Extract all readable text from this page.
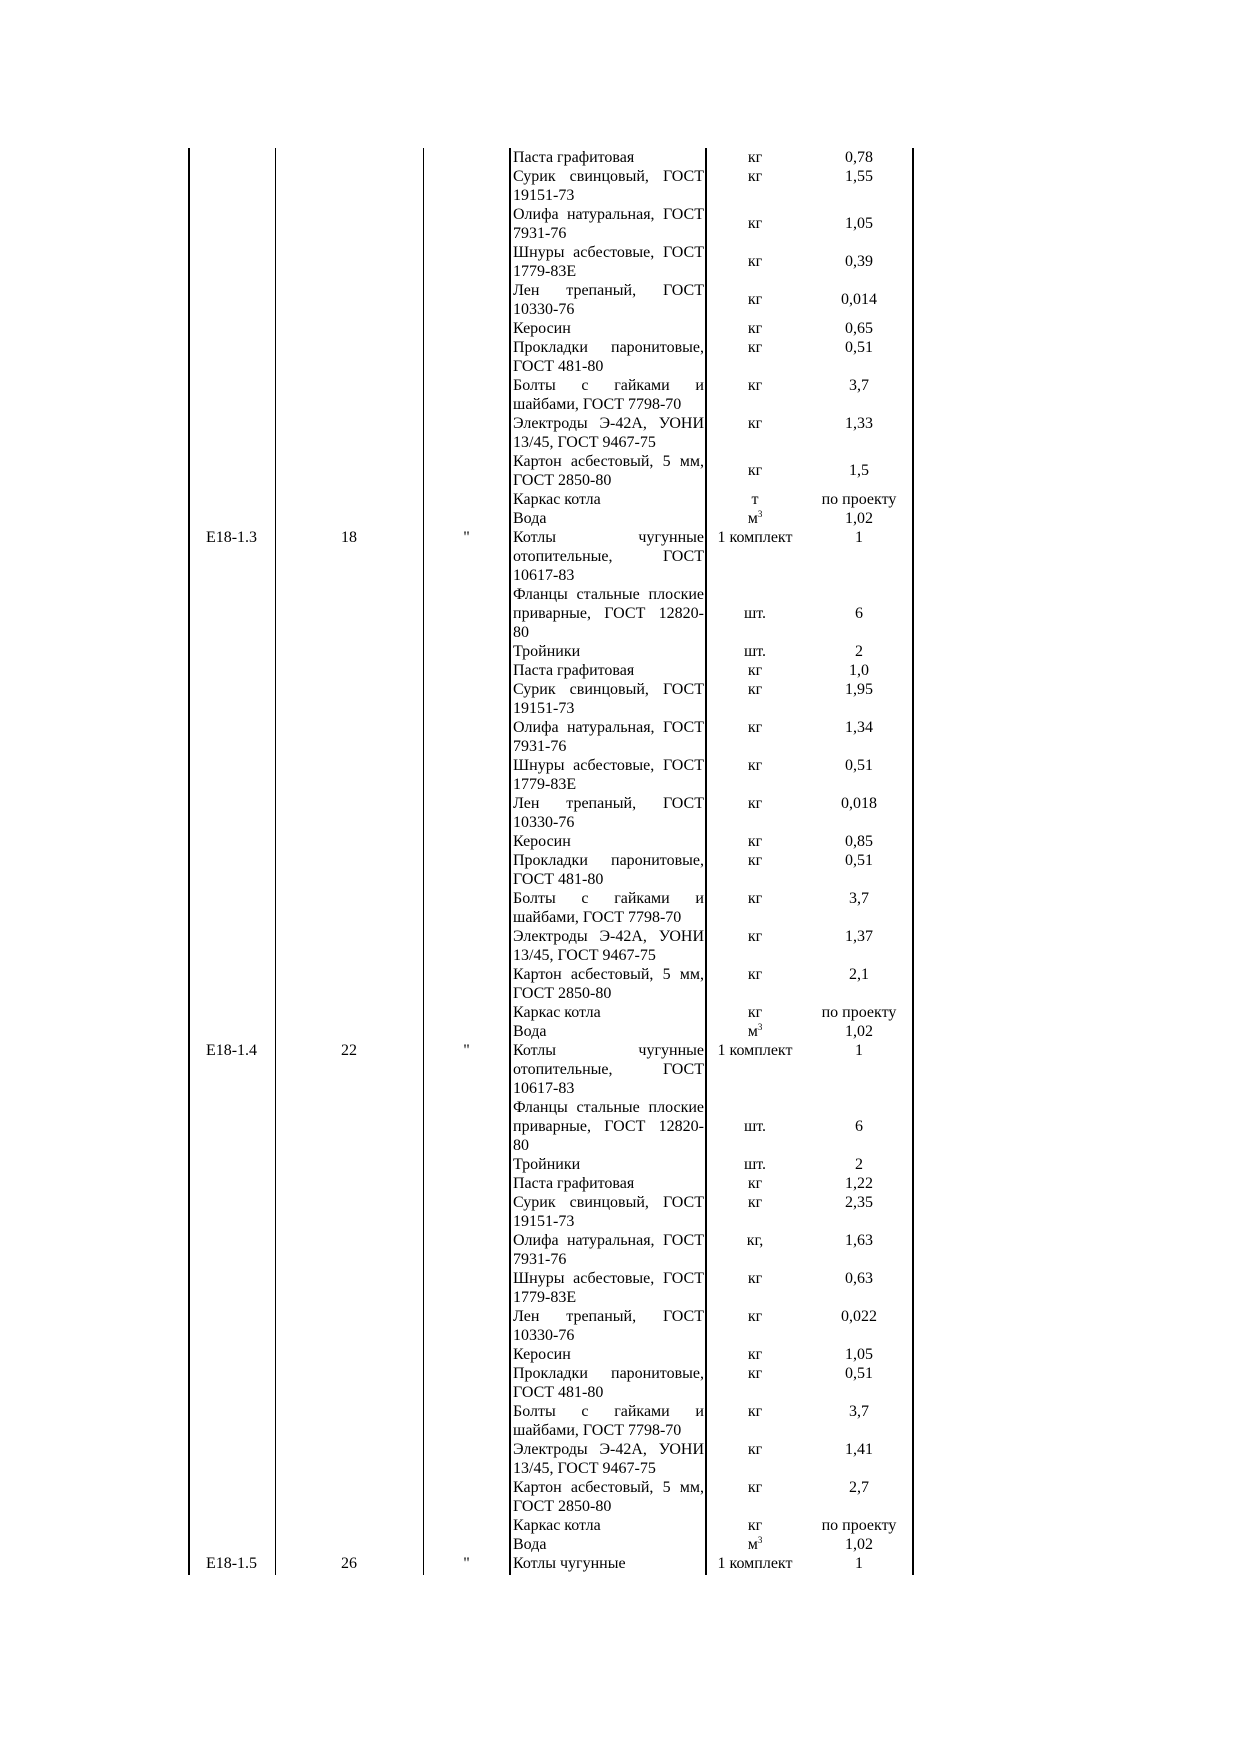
Паста графитовая	кг	0,78
Сурик свинцовый, ГОСТ
19151-73
кг	1,55
Олифа натуральная, ГОСТ
7931-76
кг	1,05
Шнуры асбестовые, ГОСТ
1779-83Е
кг	0,39
Лен трепаный, ГОСТ
10330-76
кг	0,014
Керосин	кг	0,65
Прокладки паронитовые,
ГОСТ 481-80
кг	0,51
Болты с гайками и
шайбами, ГОСТ 7798-70
кг	3,7
Электроды Э-42А, УОНИ
13/45, ГОСТ 9467-75
кг	1,33
Картон асбестовый, 5 мм,
ГОСТ 2850-80
кг	1,5
Каркас котла	т	по проекту
Вода	$м^3$	1,02
Е18-1.3	18	"	Котлы чугунные
отопительные, ГОСТ
10617-83
1 комплект	1
Фланцы стальные плоские
приварные, ГОСТ 12820-
80
шт.	6
Тройники	шт.	2
Паста графитовая	кг	1,0
Сурик свинцовый, ГОСТ
19151-73
кг	1,95
Олифа натуральная, ГОСТ
7931-76
кг	1,34
Шнуры асбестовые, ГОСТ
1779-83Е
кг	0,51
Лен трепаный, ГОСТ
10330-76
кг	0,018
Керосин	кг	0,85
Прокладки паронитовые,
ГОСТ 481-80
кг	0,51
Болты с гайками и
шайбами, ГОСТ 7798-70
кг	3,7
Электроды Э-42А, УОНИ
13/45, ГОСТ 9467-75
кг	1,37
Картон асбестовый, 5 мм,
ГОСТ 2850-80
кг	2,1
Каркас котла	кг	по проекту
Вода	$м^3$	1,02
Е18-1.4	22	"	Котлы чугунные
отопительные, ГОСТ
10617-83
1 комплект	1
Фланцы стальные плоские
приварные, ГОСТ 12820-
80
шт.	6
Тройники	шт.	2
Паста графитовая	кг	1,22
Сурик свинцовый, ГОСТ
19151-73
кг	2,35
Олифа натуральная, ГОСТ
7931-76
кг,	1,63
Шнуры асбестовые, ГОСТ
1779-83Е
кг	0,63
Лен трепаный, ГОСТ
10330-76
кг	0,022
Керосин	кг	1,05
Прокладки паронитовые,
ГОСТ 481-80
кг	0,51
Болты с гайками и
шайбами, ГОСТ 7798-70
кг	3,7
Электроды Э-42А, УОНИ
13/45, ГОСТ 9467-75
кг	1,41
Картон асбестовый, 5 мм,
ГОСТ 2850-80
кг	2,7
Каркас котла	кг	по проекту
Вода	$м^3$	1,02
Е18-1.5	26	"	Котлы чугунные	1 комплект	1
